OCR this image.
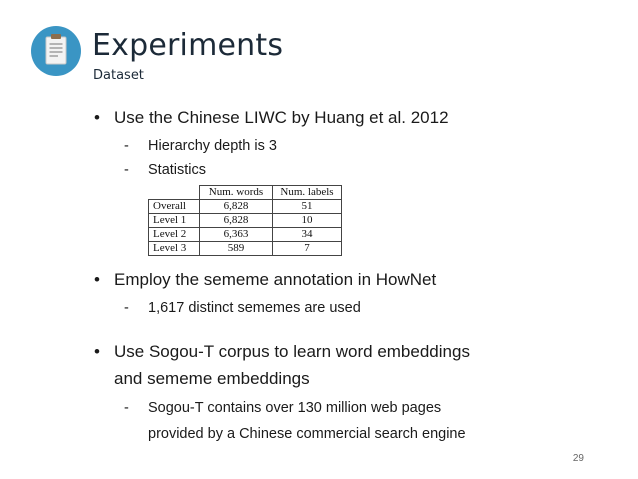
Experiments
Dataset
• Use the Chinese LIWC by Huang et al. 2012
- Hierarchy depth is 3
- Statistics
	Num. words	Num. labels
Overall	6,828	51
Level 1	6,828	10
Level 2	6,363	34
Level 3	589	7
• Employ the sememe annotation in HowNet
- 1,617 distinct sememes are used
• Use Sogou-T corpus to learn word embeddings
and sememe embeddings
- Sogou-T contains over 130 million web pages
provided by a Chinese commercial search engine
29
